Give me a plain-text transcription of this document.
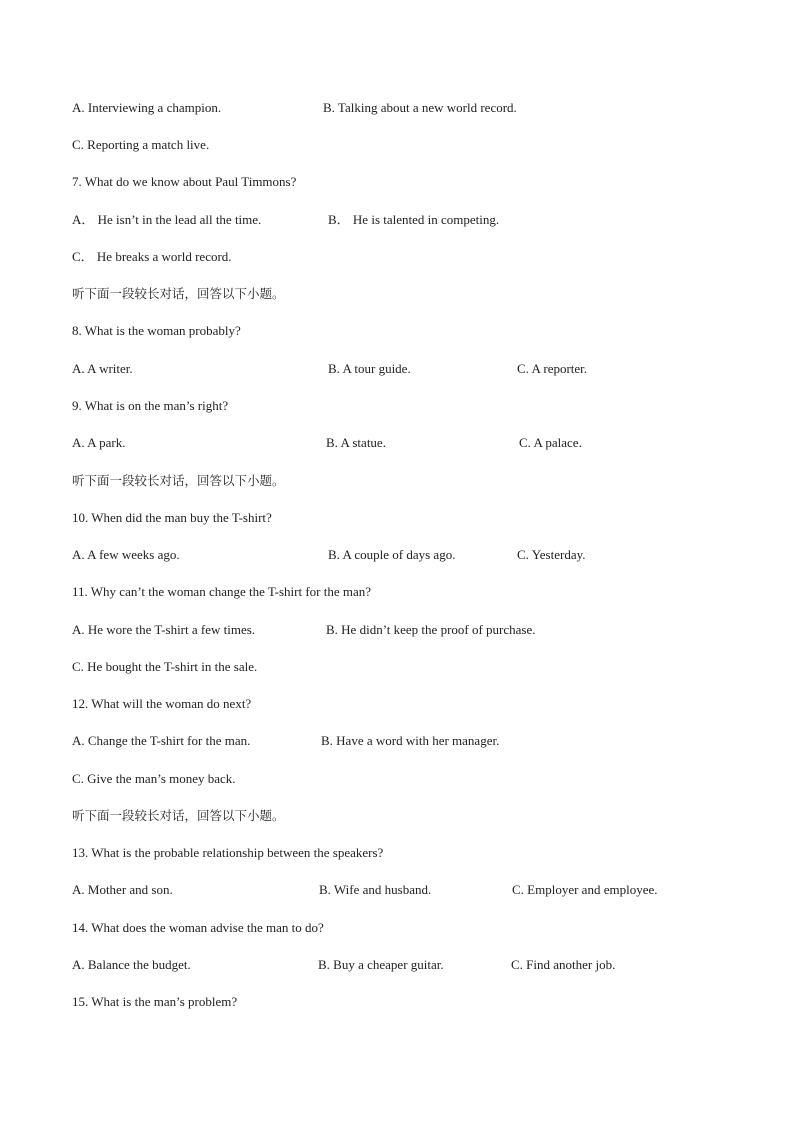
A. Interviewing a champion.	B. Talking about a new world record.
C. Reporting a match live.
7. What do we know about Paul Timmons?
A． He isn’t in the lead all the time.	B． He is talented in competing.
C． He breaks a world record.
听下面一段较长对话，回答以下小题。
8. What is the woman probably?
A. A writer.	B. A tour guide.	C. A reporter.
9. What is on the man’s right?
A. A park.	B. A statue.	C. A palace.
听下面一段较长对话，回答以下小题。
10. When did the man buy the T-shirt?
A. A few weeks ago.	B. A couple of days ago.	C. Yesterday.
11. Why can’t the woman change the T-shirt for the man?
A. He wore the T-shirt a few times.	B. He didn’t keep the proof of purchase.
C. He bought the T-shirt in the sale.
12. What will the woman do next?
A. Change the T-shirt for the man.	B. Have a word with her manager.
C. Give the man’s money back.
听下面一段较长对话，回答以下小题。
13. What is the probable relationship between the speakers?
A. Mother and son.	B. Wife and husband.	C. Employer and employee.
14. What does the woman advise the man to do?
A. Balance the budget.	B. Buy a cheaper guitar.	C. Find another job.
15. What is the man’s problem?
